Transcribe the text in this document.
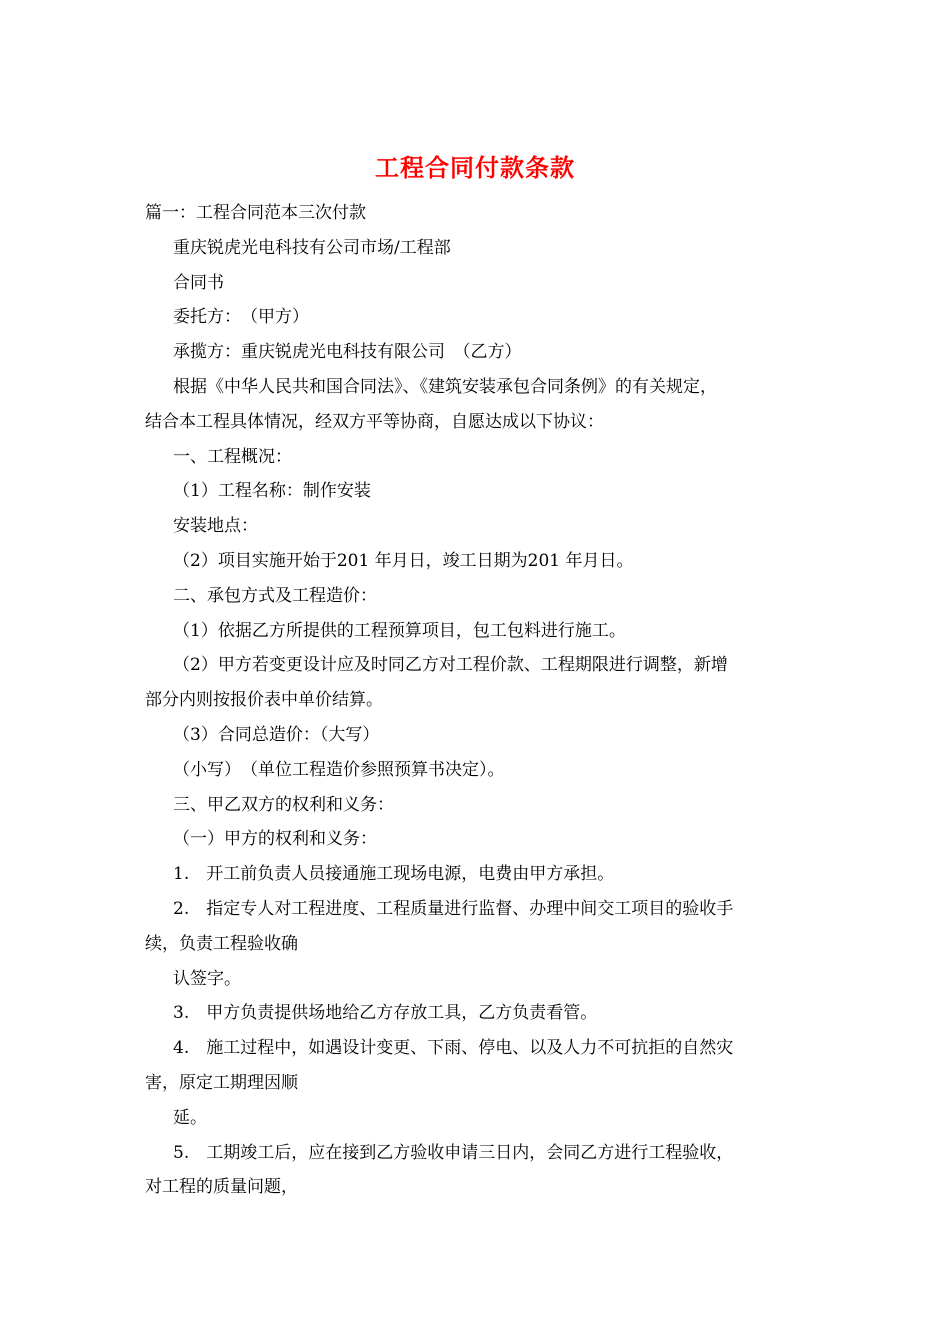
工程合同付款条款
篇一：工程合同范本三次付款
重庆锐虎光电科技有公司市场/工程部
合同书
委托方：　（甲方）
承揽方：重庆锐虎光电科技有限公司　（乙方）
根据《中华人民共和国合同法》、《建筑安装承包合同条例》的有关规定，
结合本工程具体情况，经双方平等协商，自愿达成以下协议：
一、工程概况：
（1）工程名称：制作安装
安装地点：
（2）项目实施开始于201 年月日，竣工日期为201 年月日。
二、承包方式及工程造价：
（1）依据乙方所提供的工程预算项目，包工包料进行施工。
（2）甲方若变更设计应及时同乙方对工程价款、工程期限进行调整，新增
部分内则按报价表中单价结算。
（3）合同总造价：（大写）
（小写）　（单位工程造价参照预算书决定）。
三、甲乙双方的权利和义务：
（一）甲方的权利和义务：
1.　开工前负责人员接通施工现场电源，电费由甲方承担。
2.　指定专人对工程进度、工程质量进行监督、办理中间交工项目的验收手
续，负责工程验收确
认签字。
3.　甲方负责提供场地给乙方存放工具，乙方负责看管。
4.　施工过程中，如遇设计变更、下雨、停电、以及人力不可抗拒的自然灾
害，原定工期理因顺
延。
5.　工期竣工后，应在接到乙方验收申请三日内，会同乙方进行工程验收，
对工程的质量问题，
